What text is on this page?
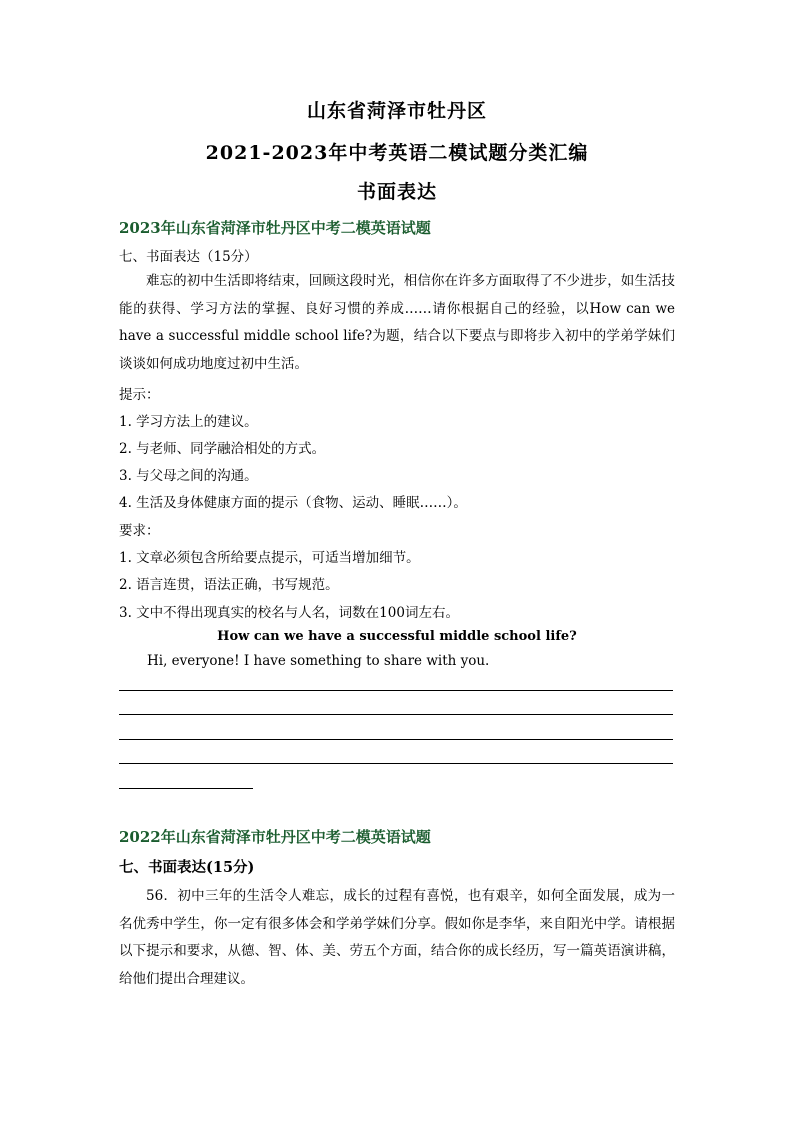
山东省菏泽市牡丹区
2021-2023年中考英语二模试题分类汇编
书面表达
2023年山东省菏泽市牡丹区中考二模英语试题
七、书面表达（15分）
难忘的初中生活即将结束，回顾这段时光，相信你在许多方面取得了不少进步，如生活技能的获得、学习方法的掌握、良好习惯的养成……请你根据自己的经验，以How can we have a successful middle school life?为题，结合以下要点与即将步入初中的学弟学妹们谈谈如何成功地度过初中生活。
提示：
1. 学习方法上的建议。
2. 与老师、同学融洽相处的方式。
3. 与父母之间的沟通。
4. 生活及身体健康方面的提示（食物、运动、睡眠……）。
要求：
1. 文章必须包含所给要点提示，可适当增加细节。
2. 语言连贯，语法正确，书写规范。
3. 文中不得出现真实的校名与人名，词数在100词左右。
How can we have a successful middle school life?
Hi, everyone! I have something to share with you.
2022年山东省菏泽市牡丹区中考二模英语试题
七、书面表达(15分)
56．初中三年的生活令人难忘，成长的过程有喜悦，也有艰辛，如何全面发展，成为一名优秀中学生，你一定有很多体会和学弟学妹们分享。假如你是李华，来自阳光中学。请根据以下提示和要求，从德、智、体、美、劳五个方面，结合你的成长经历，写一篇英语演讲稿，给他们提出合理建议。
